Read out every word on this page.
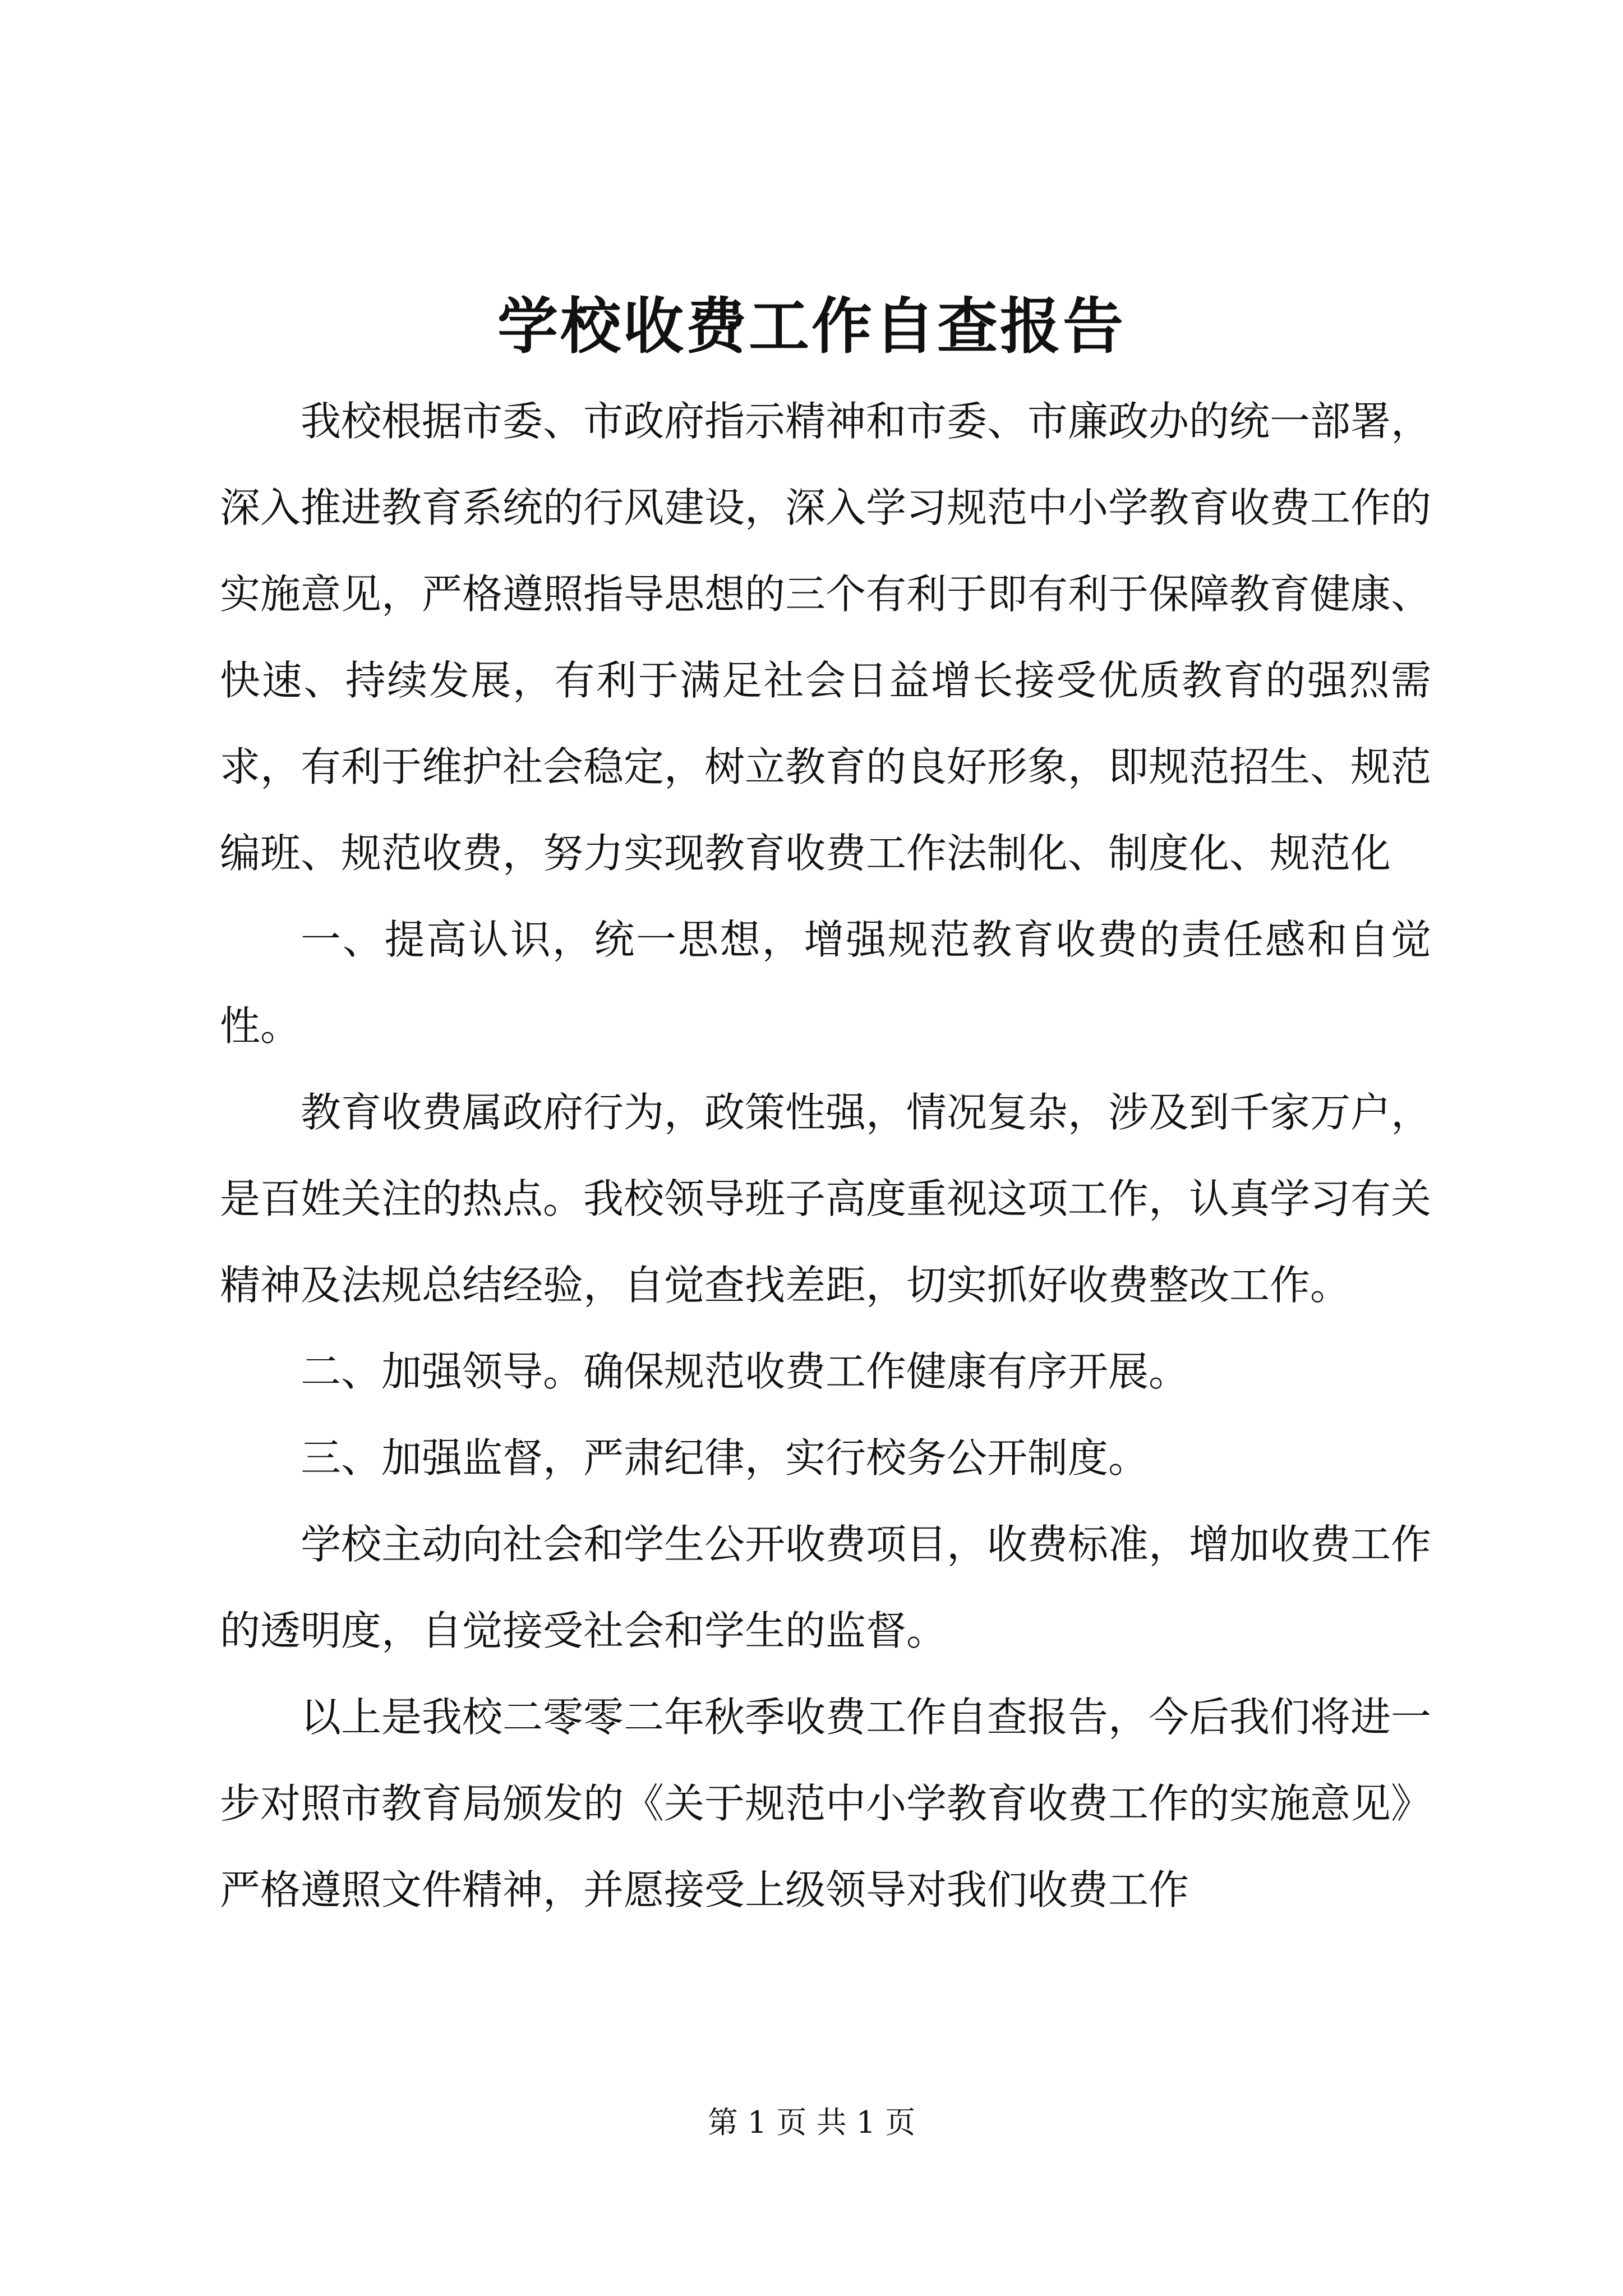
学校收费工作自查报告

我校根据市委、市政府指示精神和市委、市廉政办的统一部署，深入推进教育系统的行风建设，深入学习规范中小学教育收费工作的实施意见，严格遵照指导思想的三个有利于即有利于保障教育健康、快速、持续发展，有利于满足社会日益增长接受优质教育的强烈需求，有利于维护社会稳定，树立教育的良好形象，即规范招生、规范编班、规范收费，努力实现教育收费工作法制化、制度化、规范化

一、提高认识，统一思想，增强规范教育收费的责任感和自觉性。

教育收费属政府行为，政策性强，情况复杂，涉及到千家万户，是百姓关注的热点。我校领导班子高度重视这项工作，认真学习有关精神及法规总结经验，自觉查找差距，切实抓好收费整改工作。

二、加强领导。确保规范收费工作健康有序开展。

三、加强监督，严肃纪律，实行校务公开制度。

学校主动向社会和学生公开收费项目，收费标准，增加收费工作的透明度，自觉接受社会和学生的监督。

以上是我校二零零二年秋季收费工作自查报告，今后我们将进一步对照市教育局颁发的《关于规范中小学教育收费工作的实施意见》严格遵照文件精神，并愿接受上级领导对我们收费工作

第 1 页 共 1 页
